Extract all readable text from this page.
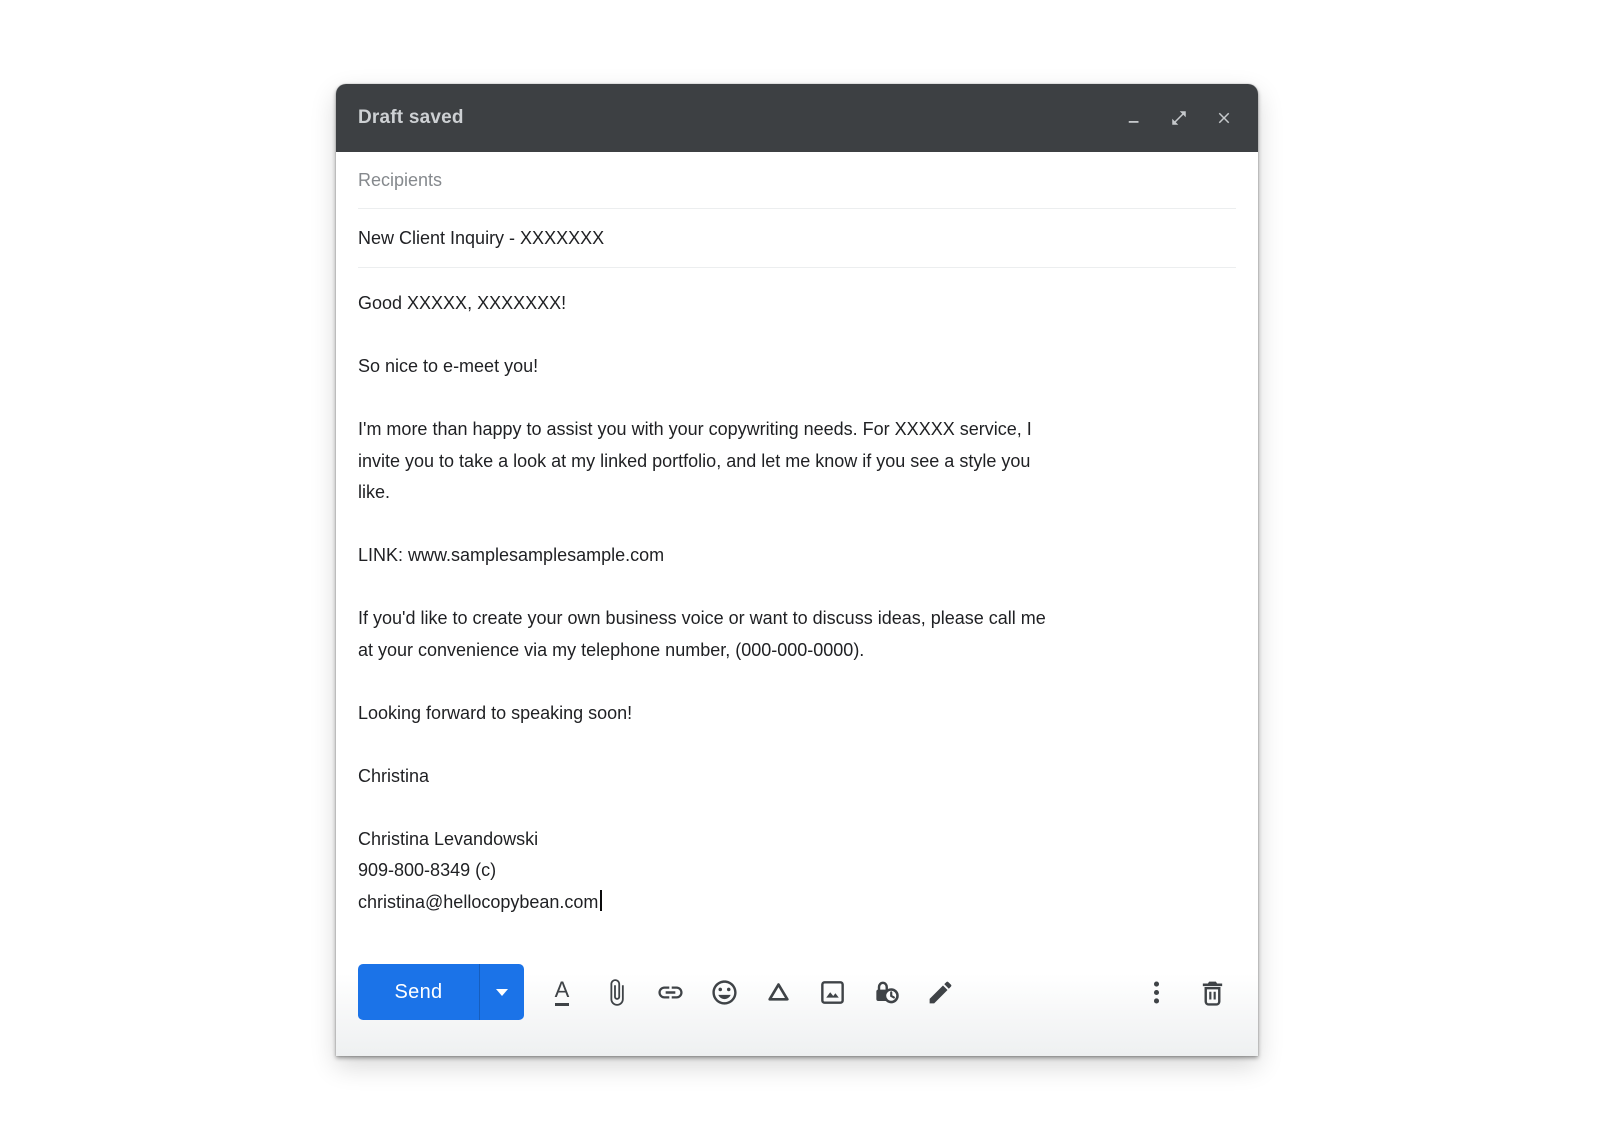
Draft saved
Recipients
New Client Inquiry - XXXXXXX
Good XXXXX, XXXXXXX!
So nice to e-meet you!
I'm more than happy to assist you with your copywriting needs. For XXXXX service, I
invite you to take a look at my linked portfolio, and let me know if you see a style you
like.
LINK: www.samplesamplesample.com
If you'd like to create your own business voice or want to discuss ideas, please call me
at your convenience via my telephone number, (000-000-0000).
Looking forward to speaking soon!
Christina
Christina Levandowski
909-800-8349 (c)
christina@hellocopybean.com
Send	A
